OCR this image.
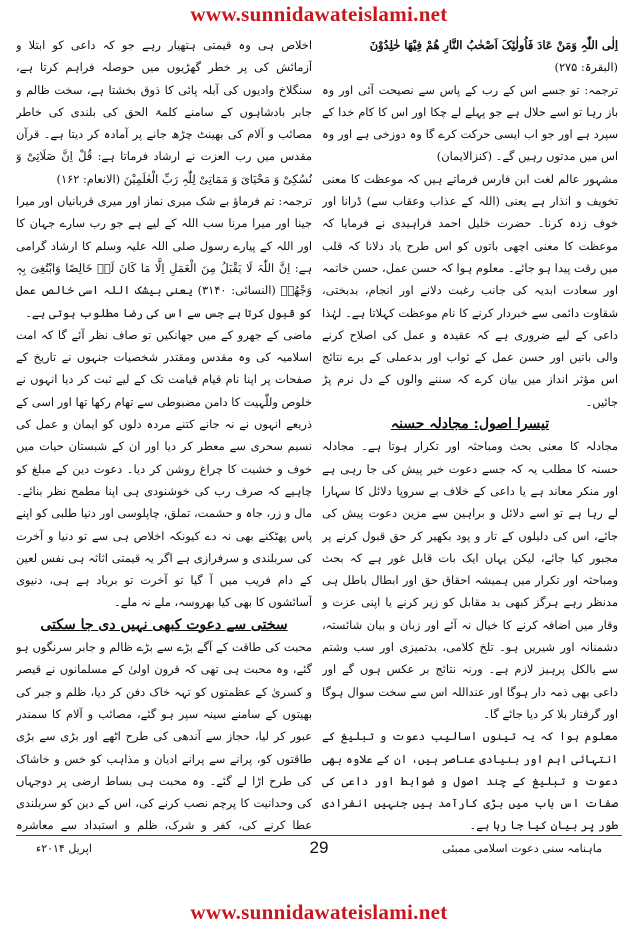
www.sunnidawateislami.net

اِلٰی اللّٰہِ وَمَنْ عَادَ فَاُولٰئِکَ اَصْحٰبُ النَّارِ ھُمْ فِیْھَا خٰلِدُوْنَ

(البقرۃ: ۲۷۵)

ترجمہ: تو جسے اس کے رب کے پاس سے نصیحت آئی اور وہ باز رہا تو اسے حلال ہے جو پہلے لے چکا اور اس کا کام خدا کے سپرد ہے اور جو اب ایسی حرکت کرے گا وہ دوزخی ہے اور وہ اس میں مدتوں رہیں گے۔ (کنزالایمان)

مشہور عالم لغت ابن فارس فرماتے ہیں کہ موعظت کا معنی تخویف و انذار ہے یعنی (اللہ کے عذاب وعقاب سے) ڈرانا اور خوف زدہ کرنا۔ حضرت خلیل احمد فراہیدی نے فرمایا کہ موعظت کا معنی اچھی باتوں کو اس طرح یاد دلانا کہ قلب میں رقت پیدا ہو جائے۔ معلوم ہوا کہ حسن عمل، حسن خاتمہ اور سعادت ابدیہ کی جانب رغبت دلانے اور انجام، بدبختی، شقاوت دائمی سے خبردار کرنے کا نام موعظت کہلاتا ہے۔ لہٰذا داعی کے لیے ضروری ہے کہ عقیدہ و عمل کی اصلاح کرنے والی باتیں اور حسن عمل کے ثواب اور بدعملی کے برے نتائج اس مؤثر انداز میں بیان کرے کہ سننے والوں کے دل نرم پڑ جائیں۔

تیسرا اصول: مجادلہ حسنہ

مجادلہ کا معنی بحث ومباحثہ اور تکرار ہوتا ہے۔ مجادلہ حسنہ کا مطلب یہ کہ جسے دعوت خیر پیش کی جا رہی ہے اور منکر معاند ہے یا داعی کے خلاف بے سروپا دلائل کا سہارا لے رہا ہے تو اسے دلائل و براہین سے مزین دعوت پیش کی جائے، اس کی دلیلوں کے تار و پود بکھیر کر حق قبول کرنے پر مجبور کیا جائے، لیکن یہاں ایک بات قابل غور ہے کہ بحث ومباحثہ اور تکرار میں ہمیشہ احقاق حق اور ابطال باطل ہی مدنظر رہے ہرگز کبھی بد مقابل کو زیر کرنے یا اپنی عزت و وقار میں اضافہ کرنے کا خیال نہ آئے اور زبان و بیان شائستہ، دشمنانہ اور شیریں ہو۔ تلخ کلامی، بدتمیزی اور سب وشتم سے بالکل پرہیز لازم ہے۔ ورنہ نتائج بر عکس ہوں گے اور داعی بھی ذمہ دار ہوگا اور عنداللہ اس سے سخت سوال ہوگا اور گرفتار بلا کر دیا جائے گا۔

معلوم ہوا کہ یہ تینوں اسالیب دعوت و تبلیغ کے انتہائی اہم اور بنیادی عناصر ہیں، ان کے علاوہ بھی دعوت و تبلیغ کے چند اصول و ضوابط اور داعی کی صفات اس باب میں بڑی کارآمد ہیں جنہیں انفرادی طور پر بیان کیا جا رہا ہے۔

اخلاص ہی وہ قیمتی ہتھیار رہے جو کہ داعی کو ابتلا و آزمائش کی پر خطر گھڑیوں میں حوصلہ فراہم کرتا ہے، سنگلاخ وادیوں کی آبلہ پائی کا ذوق بخشتا ہے، سخت ظالم و جابر بادشاہوں کے سامنے کلمۃ الحق کی بلندی کی خاطر مصائب و آلام کی بھینٹ چڑھ جانے پر آمادہ کر دیتا ہے۔ قرآن مقدس میں رب العزت نے ارشاد فرماتا ہے: قُلْ اِنَّ صَلَاتِیْ وَ نُسُکِیْ وَ مَحْیَایَ وَ مَمَاتِیْ لِلّٰہِ رَبِّ الْعٰلَمِیْنَ (الانعام: ۱۶۲)

ترجمہ: تم فرماؤ بے شک میری نماز اور میری قربانیاں اور میرا جینا اور میرا مرنا سب اللہ کے لیے ہے جو رب سارے جہان کا اور اللہ کے پیارے رسول صلی اللہ علیہ وسلم کا ارشاد گرامی ہے: اِنَّ اللّٰہَ لَا یَقْبَلُ مِنَ الْعَمَلِ اِلَّا مَا کَانَ لَہٗ خَالِصًا وَابْتُغِیَ بِہٖ وَجْھُہٗ (النسائی: ۳۱۴۰) یعنی بیشک اللہ اسی خالص عمل کو قبول کرتا ہے جس سے اس کی رضا مطلوب ہوتی ہے۔

ماضی کے جھرو کے میں جھانکیں تو صاف نظر آئے گا کہ امت اسلامیہ کی وہ مقدس ومقتدر شخصیات جنہوں نے تاریخ کے صفحات پر اپنا نام قیام قیامت تک کے لیے ثبت کر دیا انہوں نے خلوص وللّٰہیت کا دامن مضبوطی سے تھام رکھا تھا اور اسی کے ذریعے انہوں نے نہ جانے کتنے مردہ دلوں کو ایمان و عمل کی نسیم سحری سے معطر کر دیا اور ان کے شبستان حیات میں خوف و خشیت کا چراغ روشن کر دیا۔ دعوت دین کے مبلغ کو چاہیے کہ صرف رب کی خوشنودی ہی اپنا مطمح نظر بنائے۔ مال و زر، جاہ و حشمت، تملق، چاپلوسی اور دنیا طلبی کو اپنے پاس پھٹکنے بھی نہ دے کیونکہ اخلاص ہی سے تو دنیا و آخرت کی سربلندی و سرفرازی ہے اگر یہ قیمتی اثاثہ ہی نفس لعین کے دام فریب میں آ گیا تو آخرت تو برباد ہے ہی، دنیوی آسائشوں کا بھی کیا بھروسہ، ملے نہ ملے۔

سختی سے دعوت کبھی نہیں دی جا سکتی

محبت کی طاقت کے آگے بڑے سے بڑے ظالم و جابر سرنگوں ہو گئے، وہ محبت ہی تھی کہ قرون اولیٰ کے مسلمانوں نے قیصر و کسریٰ کے عظمتوں کو تہہ خاک دفن کر دیا، ظلم و جبر کی بھیتوں کے سامنے سینہ سپر ہو گئے، مصائب و آلام کا سمندر عبور کر لیا، حجاز سے آندھی کی طرح اٹھے اور بڑی سے بڑی طاقتوں کو، پرانے سے پرانے ادیان و مذاہب کو خس و خاشاک کی طرح اڑا لے گئے۔ وہ محبت ہی بساط ارضی پر دوجہاں کی وحدانیت کا پرچم نصب کرنے کی، اس کے دین کو سربلندی عطا کرنے کی، کفر و شرک، ظلم و استبداد سے معاشرہ

ماہنامہ سنی دعوت اسلامی ممبئی
29
اپریل ۲۰۱۴ء
www.sunnidawateislami.net
